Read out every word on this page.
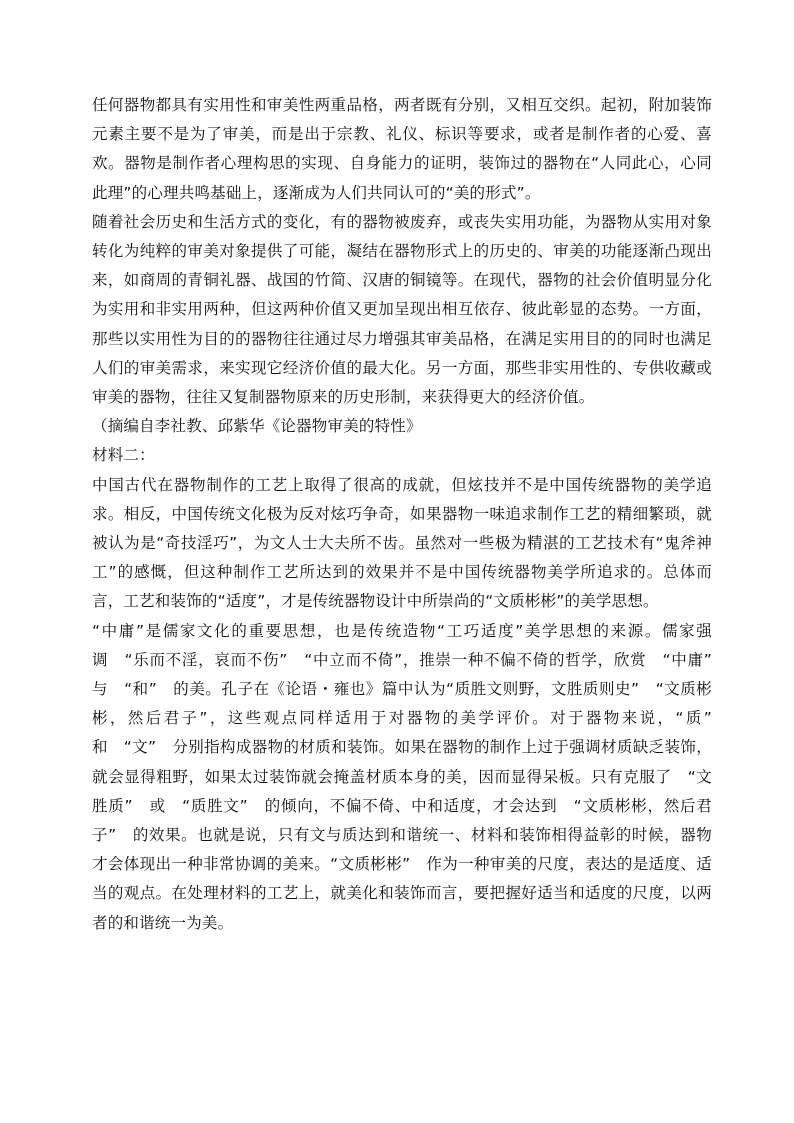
任何器物都具有实用性和审美性两重品格，两者既有分别，又相互交织。起初，附加装饰元素主要不是为了审美，而是出于宗教、礼仪、标识等要求，或者是制作者的心爱、喜欢。器物是制作者心理构思的实现、自身能力的证明，装饰过的器物在“人同此心，心同此理”的心理共鸣基础上，逐渐成为人们共同认可的“美的形式”。

随着社会历史和生活方式的变化，有的器物被废弃，或丧失实用功能，为器物从实用对象转化为纯粹的审美对象提供了可能，凝结在器物形式上的历史的、审美的功能逐渐凸现出来，如商周的青铜礼器、战国的竹简、汉唐的铜镜等。在现代，器物的社会价值明显分化为实用和非实用两种，但这两种价值又更加呈现出相互依存、彼此彰显的态势。一方面，那些以实用性为目的的器物往往通过尽力增强其审美品格，在满足实用目的的同时也满足人们的审美需求，来实现它经济价值的最大化。另一方面，那些非实用性的、专供收藏或审美的器物，往往又复制器物原来的历史形制，来获得更大的经济价值。

（摘编自李社教、邱紫华《论器物审美的特性》

材料二：

中国古代在器物制作的工艺上取得了很高的成就，但炫技并不是中国传统器物的美学追求。相反，中国传统文化极为反对炫巧争奇，如果器物一味追求制作工艺的精细繁琐，就被认为是“奇技淫巧”，为文人士大夫所不齿。虽然对一些极为精湛的工艺技术有“鬼斧神工”的感慨，但这种制作工艺所达到的效果并不是中国传统器物美学所追求的。总体而言，工艺和装饰的“适度”，才是传统器物设计中所崇尚的“文质彬彬”的美学思想。

“中庸”是儒家文化的重要思想，也是传统造物“工巧适度”美学思想的来源。儒家强调　“乐而不淫，哀而不伤”　“中立而不倚”，推崇一种不偏不倚的哲学，欣赏　“中庸”　与　“和”　的美。孔子在《论语・雍也》篇中认为“质胜文则野，文胜质则史”　“文质彬彬，然后君子”，这些观点同样适用于对器物的美学评价。对于器物来说，“质”　和　“文”　分别指构成器物的材质和装饰。如果在器物的制作上过于强调材质缺乏装饰，就会显得粗野，如果太过装饰就会掩盖材质本身的美，因而显得呆板。只有克服了　“文胜质”　或　“质胜文”　的倾向，不偏不倚、中和适度，才会达到　“文质彬彬，然后君子”　的效果。也就是说，只有文与质达到和谐统一、材料和装饰相得益彰的时候，器物才会体现出一种非常协调的美来。“文质彬彬”　作为一种审美的尺度，表达的是适度、适当的观点。在处理材料的工艺上，就美化和装饰而言，要把握好适当和适度的尺度，以两者的和谐统一为美。
